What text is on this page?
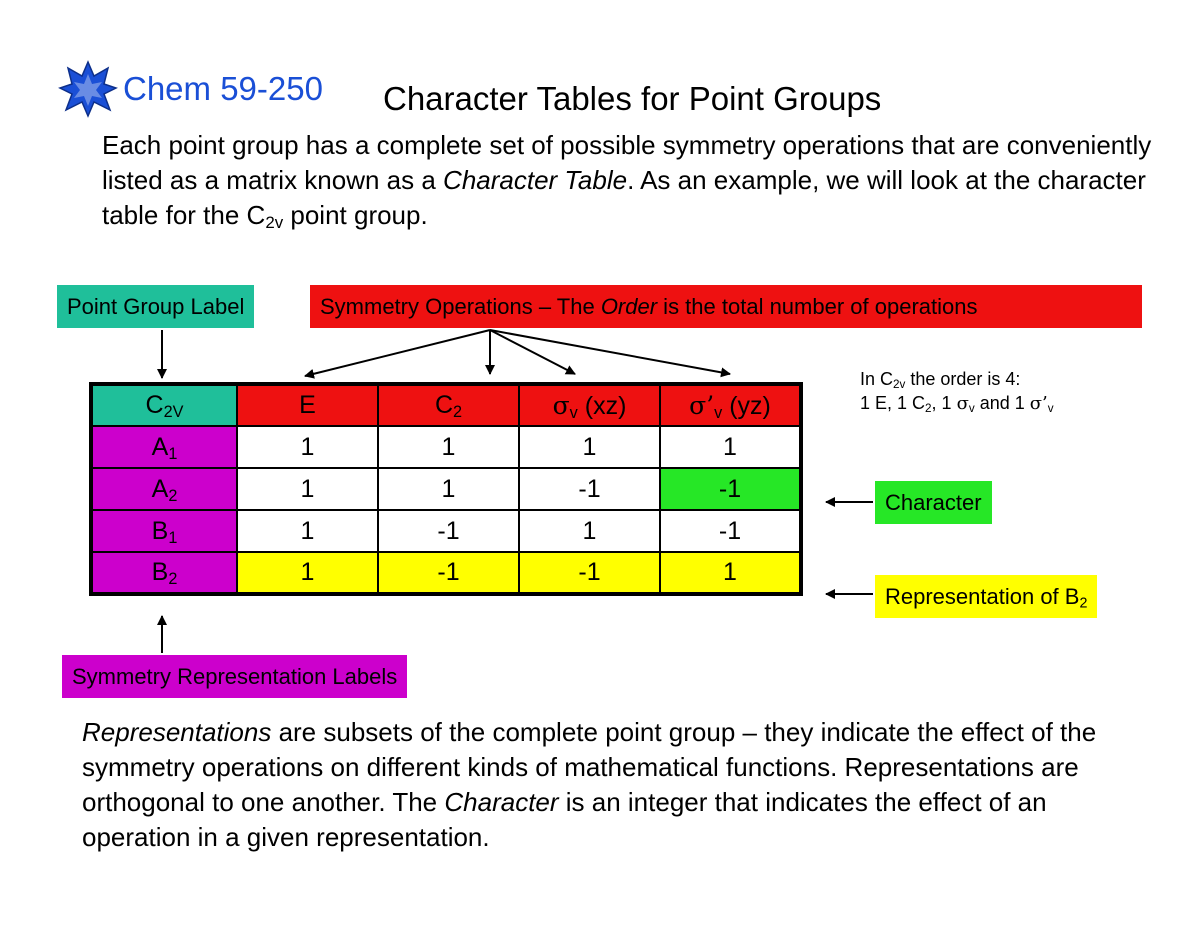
Chem 59-250 Character Tables for Point Groups
Each point group has a complete set of possible symmetry operations that are conveniently listed as a matrix known as a Character Table. As an example, we will look at the character table for the $C_{2v}$ point group.
Point Group Label	Symmetry Operations – The Order is the total number of operations
In $C_{2v}$ the order is 4:
1 E, 1 $C_2$, 1 $\sigma_v$ and 1 $\sigma’_v$
$C_{2V}$	E	$C_2$	$\sigma_v$ (xz)	$\sigma’_v$ (yz)
$A_1$	1	1	1	1
$A_2$	1	1	-1	-1
$B_1$	1	-1	1	-1
$B_2$	1	-1	-1	1
Character
Representation of $B_2$
Symmetry Representation Labels
Representations are subsets of the complete point group – they indicate the effect of the symmetry operations on different kinds of mathematical functions. Representations are orthogonal to one another. The Character is an integer that indicates the effect of an operation in a given representation.
